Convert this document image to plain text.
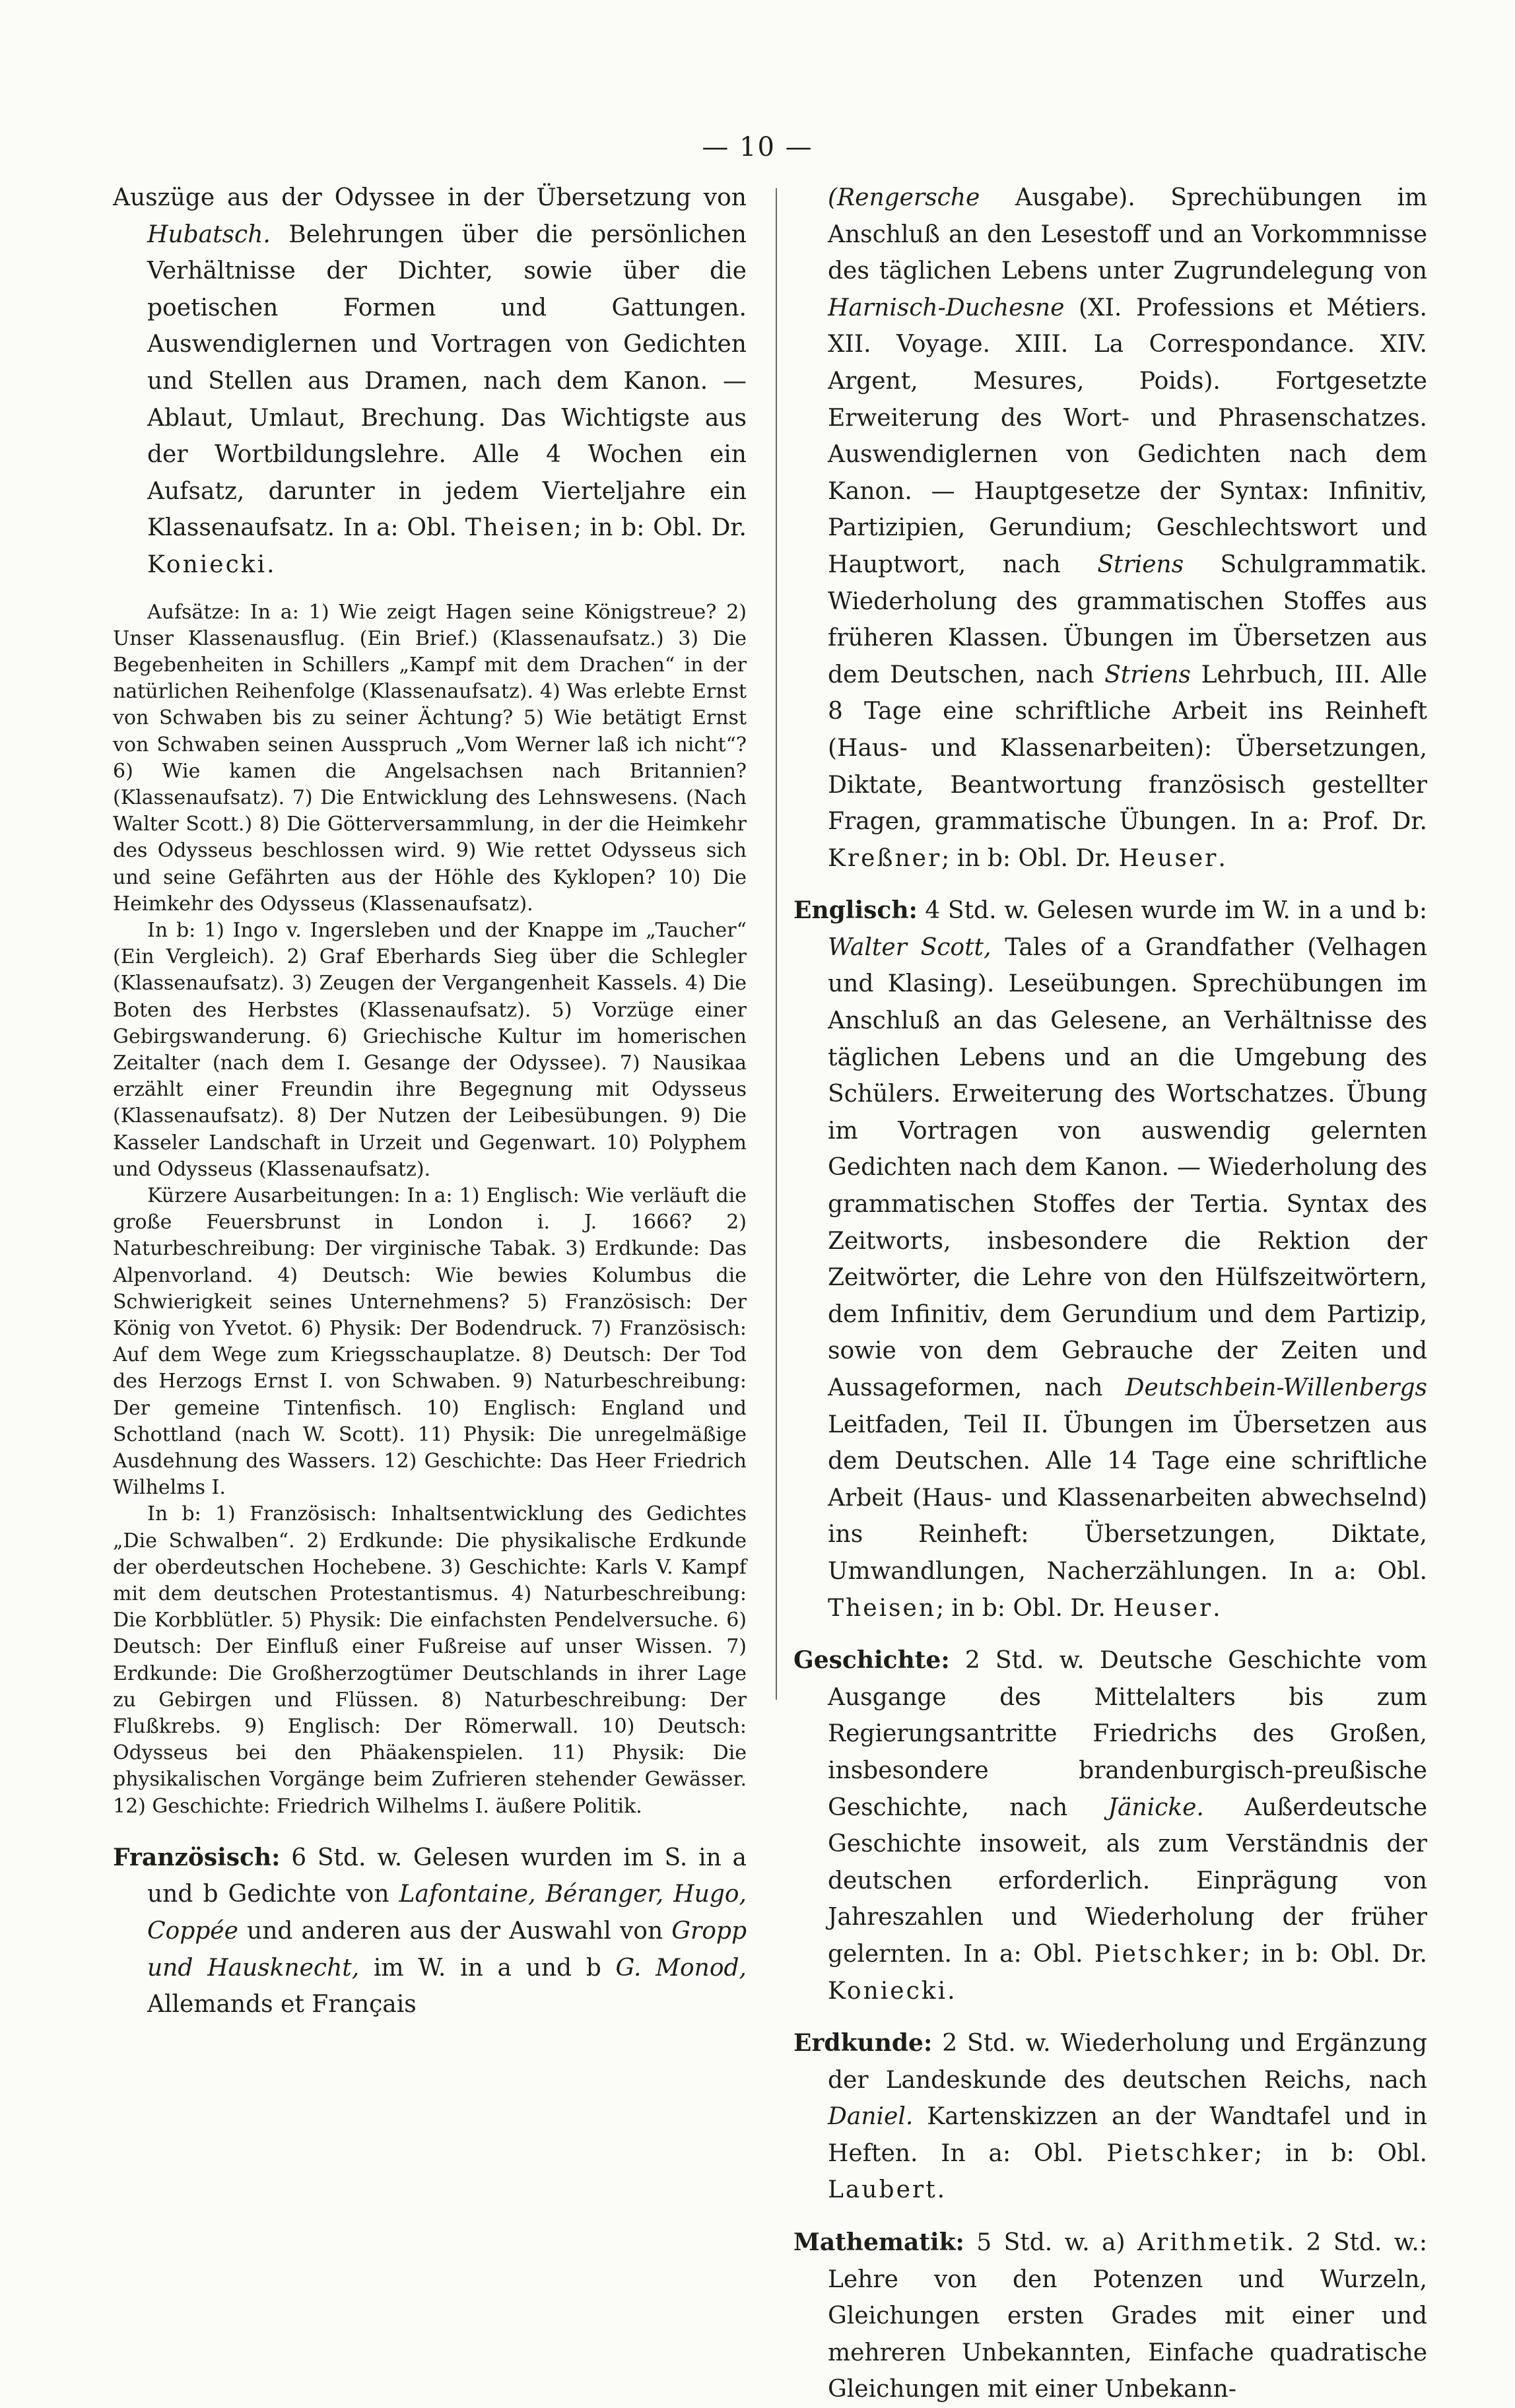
— 10 —

Auszüge aus der Odyssee in der Übersetzung von Hubatsch. Belehrungen über die persönlichen Verhältnisse der Dichter, sowie über die poetischen Formen und Gattungen. Auswendiglernen und Vortragen von Gedichten und Stellen aus Dramen, nach dem Kanon. — Ablaut, Umlaut, Brechung. Das Wichtigste aus der Wortbildungslehre. Alle 4 Wochen ein Aufsatz, darunter in jedem Vierteljahre ein Klassenaufsatz. In a: Obl. Theisen; in b: Obl. Dr. Koniecki.

Aufsätze: In a: 1) Wie zeigt Hagen seine Königstreue? 2) Unser Klassenausflug. (Ein Brief.) (Klassenaufsatz.) 3) Die Begebenheiten in Schillers „Kampf mit dem Drachen“ in der natürlichen Reihenfolge (Klassenaufsatz). 4) Was erlebte Ernst von Schwaben bis zu seiner Ächtung? 5) Wie betätigt Ernst von Schwaben seinen Ausspruch „Vom Werner laß ich nicht“? 6) Wie kamen die Angelsachsen nach Britannien? (Klassenaufsatz). 7) Die Entwicklung des Lehnswesens. (Nach Walter Scott.) 8) Die Götterversammlung, in der die Heimkehr des Odysseus beschlossen wird. 9) Wie rettet Odysseus sich und seine Gefährten aus der Höhle des Kyklopen? 10) Die Heimkehr des Odysseus (Klassenaufsatz).

In b: 1) Ingo v. Ingersleben und der Knappe im „Taucher“ (Ein Vergleich). 2) Graf Eberhards Sieg über die Schlegler (Klassenaufsatz). 3) Zeugen der Vergangenheit Kassels. 4) Die Boten des Herbstes (Klassenaufsatz). 5) Vorzüge einer Gebirgswanderung. 6) Griechische Kultur im homerischen Zeitalter (nach dem I. Gesange der Odyssee). 7) Nausikaa erzählt einer Freundin ihre Begegnung mit Odysseus (Klassenaufsatz). 8) Der Nutzen der Leibesübungen. 9) Die Kasseler Landschaft in Urzeit und Gegenwart. 10) Polyphem und Odysseus (Klassenaufsatz).

Kürzere Ausarbeitungen: In a: 1) Englisch: Wie verläuft die große Feuersbrunst in London i. J. 1666? 2) Naturbeschreibung: Der virginische Tabak. 3) Erdkunde: Das Alpenvorland. 4) Deutsch: Wie bewies Kolumbus die Schwierigkeit seines Unternehmens? 5) Französisch: Der König von Yvetot. 6) Physik: Der Bodendruck. 7) Französisch: Auf dem Wege zum Kriegsschauplatze. 8) Deutsch: Der Tod des Herzogs Ernst I. von Schwaben. 9) Naturbeschreibung: Der gemeine Tintenfisch. 10) Englisch: England und Schottland (nach W. Scott). 11) Physik: Die unregelmäßige Ausdehnung des Wassers. 12) Geschichte: Das Heer Friedrich Wilhelms I.

In b: 1) Französisch: Inhaltsentwicklung des Gedichtes „Die Schwalben“. 2) Erdkunde: Die physikalische Erdkunde der oberdeutschen Hochebene. 3) Geschichte: Karls V. Kampf mit dem deutschen Protestantismus. 4) Naturbeschreibung: Die Korbblütler. 5) Physik: Die einfachsten Pendelversuche. 6) Deutsch: Der Einfluß einer Fußreise auf unser Wissen. 7) Erdkunde: Die Großherzogtümer Deutschlands in ihrer Lage zu Gebirgen und Flüssen. 8) Naturbeschreibung: Der Flußkrebs. 9) Englisch: Der Römerwall. 10) Deutsch: Odysseus bei den Phäakenspielen. 11) Physik: Die physikalischen Vorgänge beim Zufrieren stehender Gewässer. 12) Geschichte: Friedrich Wilhelms I. äußere Politik.

Französisch: 6 Std. w. Gelesen wurden im S. in a und b Gedichte von Lafontaine, Béranger, Hugo, Coppée und anderen aus der Auswahl von Gropp und Hausknecht, im W. in a und b G. Monod, Allemands et Français

(Rengersche Ausgabe). Sprechübungen im Anschluß an den Lesestoff und an Vorkommnisse des täglichen Lebens unter Zugrundelegung von Harnisch-Duchesne (XI. Professions et Métiers. XII. Voyage. XIII. La Correspondance. XIV. Argent, Mesures, Poids). Fortgesetzte Erweiterung des Wort- und Phrasenschatzes. Auswendiglernen von Gedichten nach dem Kanon. — Hauptgesetze der Syntax: Infinitiv, Partizipien, Gerundium; Geschlechtswort und Hauptwort, nach Striens Schulgrammatik. Wiederholung des grammatischen Stoffes aus früheren Klassen. Übungen im Übersetzen aus dem Deutschen, nach Striens Lehrbuch, III. Alle 8 Tage eine schriftliche Arbeit ins Reinheft (Haus- und Klassenarbeiten): Übersetzungen, Diktate, Beantwortung französisch gestellter Fragen, grammatische Übungen. In a: Prof. Dr. Kreßner; in b: Obl. Dr. Heuser.

Englisch: 4 Std. w. Gelesen wurde im W. in a und b: Walter Scott, Tales of a Grandfather (Velhagen und Klasing). Leseübungen. Sprechübungen im Anschluß an das Gelesene, an Verhältnisse des täglichen Lebens und an die Umgebung des Schülers. Erweiterung des Wortschatzes. Übung im Vortragen von auswendig gelernten Gedichten nach dem Kanon. — Wiederholung des grammatischen Stoffes der Tertia. Syntax des Zeitworts, insbesondere die Rektion der Zeitwörter, die Lehre von den Hülfszeitwörtern, dem Infinitiv, dem Gerundium und dem Partizip, sowie von dem Gebrauche der Zeiten und Aussageformen, nach Deutschbein-Willenbergs Leitfaden, Teil II. Übungen im Übersetzen aus dem Deutschen. Alle 14 Tage eine schriftliche Arbeit (Haus- und Klassenarbeiten abwechselnd) ins Reinheft: Übersetzungen, Diktate, Umwandlungen, Nacherzählungen. In a: Obl. Theisen; in b: Obl. Dr. Heuser.

Geschichte: 2 Std. w. Deutsche Geschichte vom Ausgange des Mittelalters bis zum Regierungsantritte Friedrichs des Großen, insbesondere brandenburgisch-preußische Geschichte, nach Jänicke. Außerdeutsche Geschichte insoweit, als zum Verständnis der deutschen erforderlich. Einprägung von Jahreszahlen und Wiederholung der früher gelernten. In a: Obl. Pietschker; in b: Obl. Dr. Koniecki.

Erdkunde: 2 Std. w. Wiederholung und Ergänzung der Landeskunde des deutschen Reichs, nach Daniel. Kartenskizzen an der Wandtafel und in Heften. In a: Obl. Pietschker; in b: Obl. Laubert.

Mathematik: 5 Std. w. a) Arithmetik. 2 Std. w.: Lehre von den Potenzen und Wurzeln, Gleichungen ersten Grades mit einer und mehreren Unbekannten, Einfache quadratische Gleichungen mit einer Unbekann-
